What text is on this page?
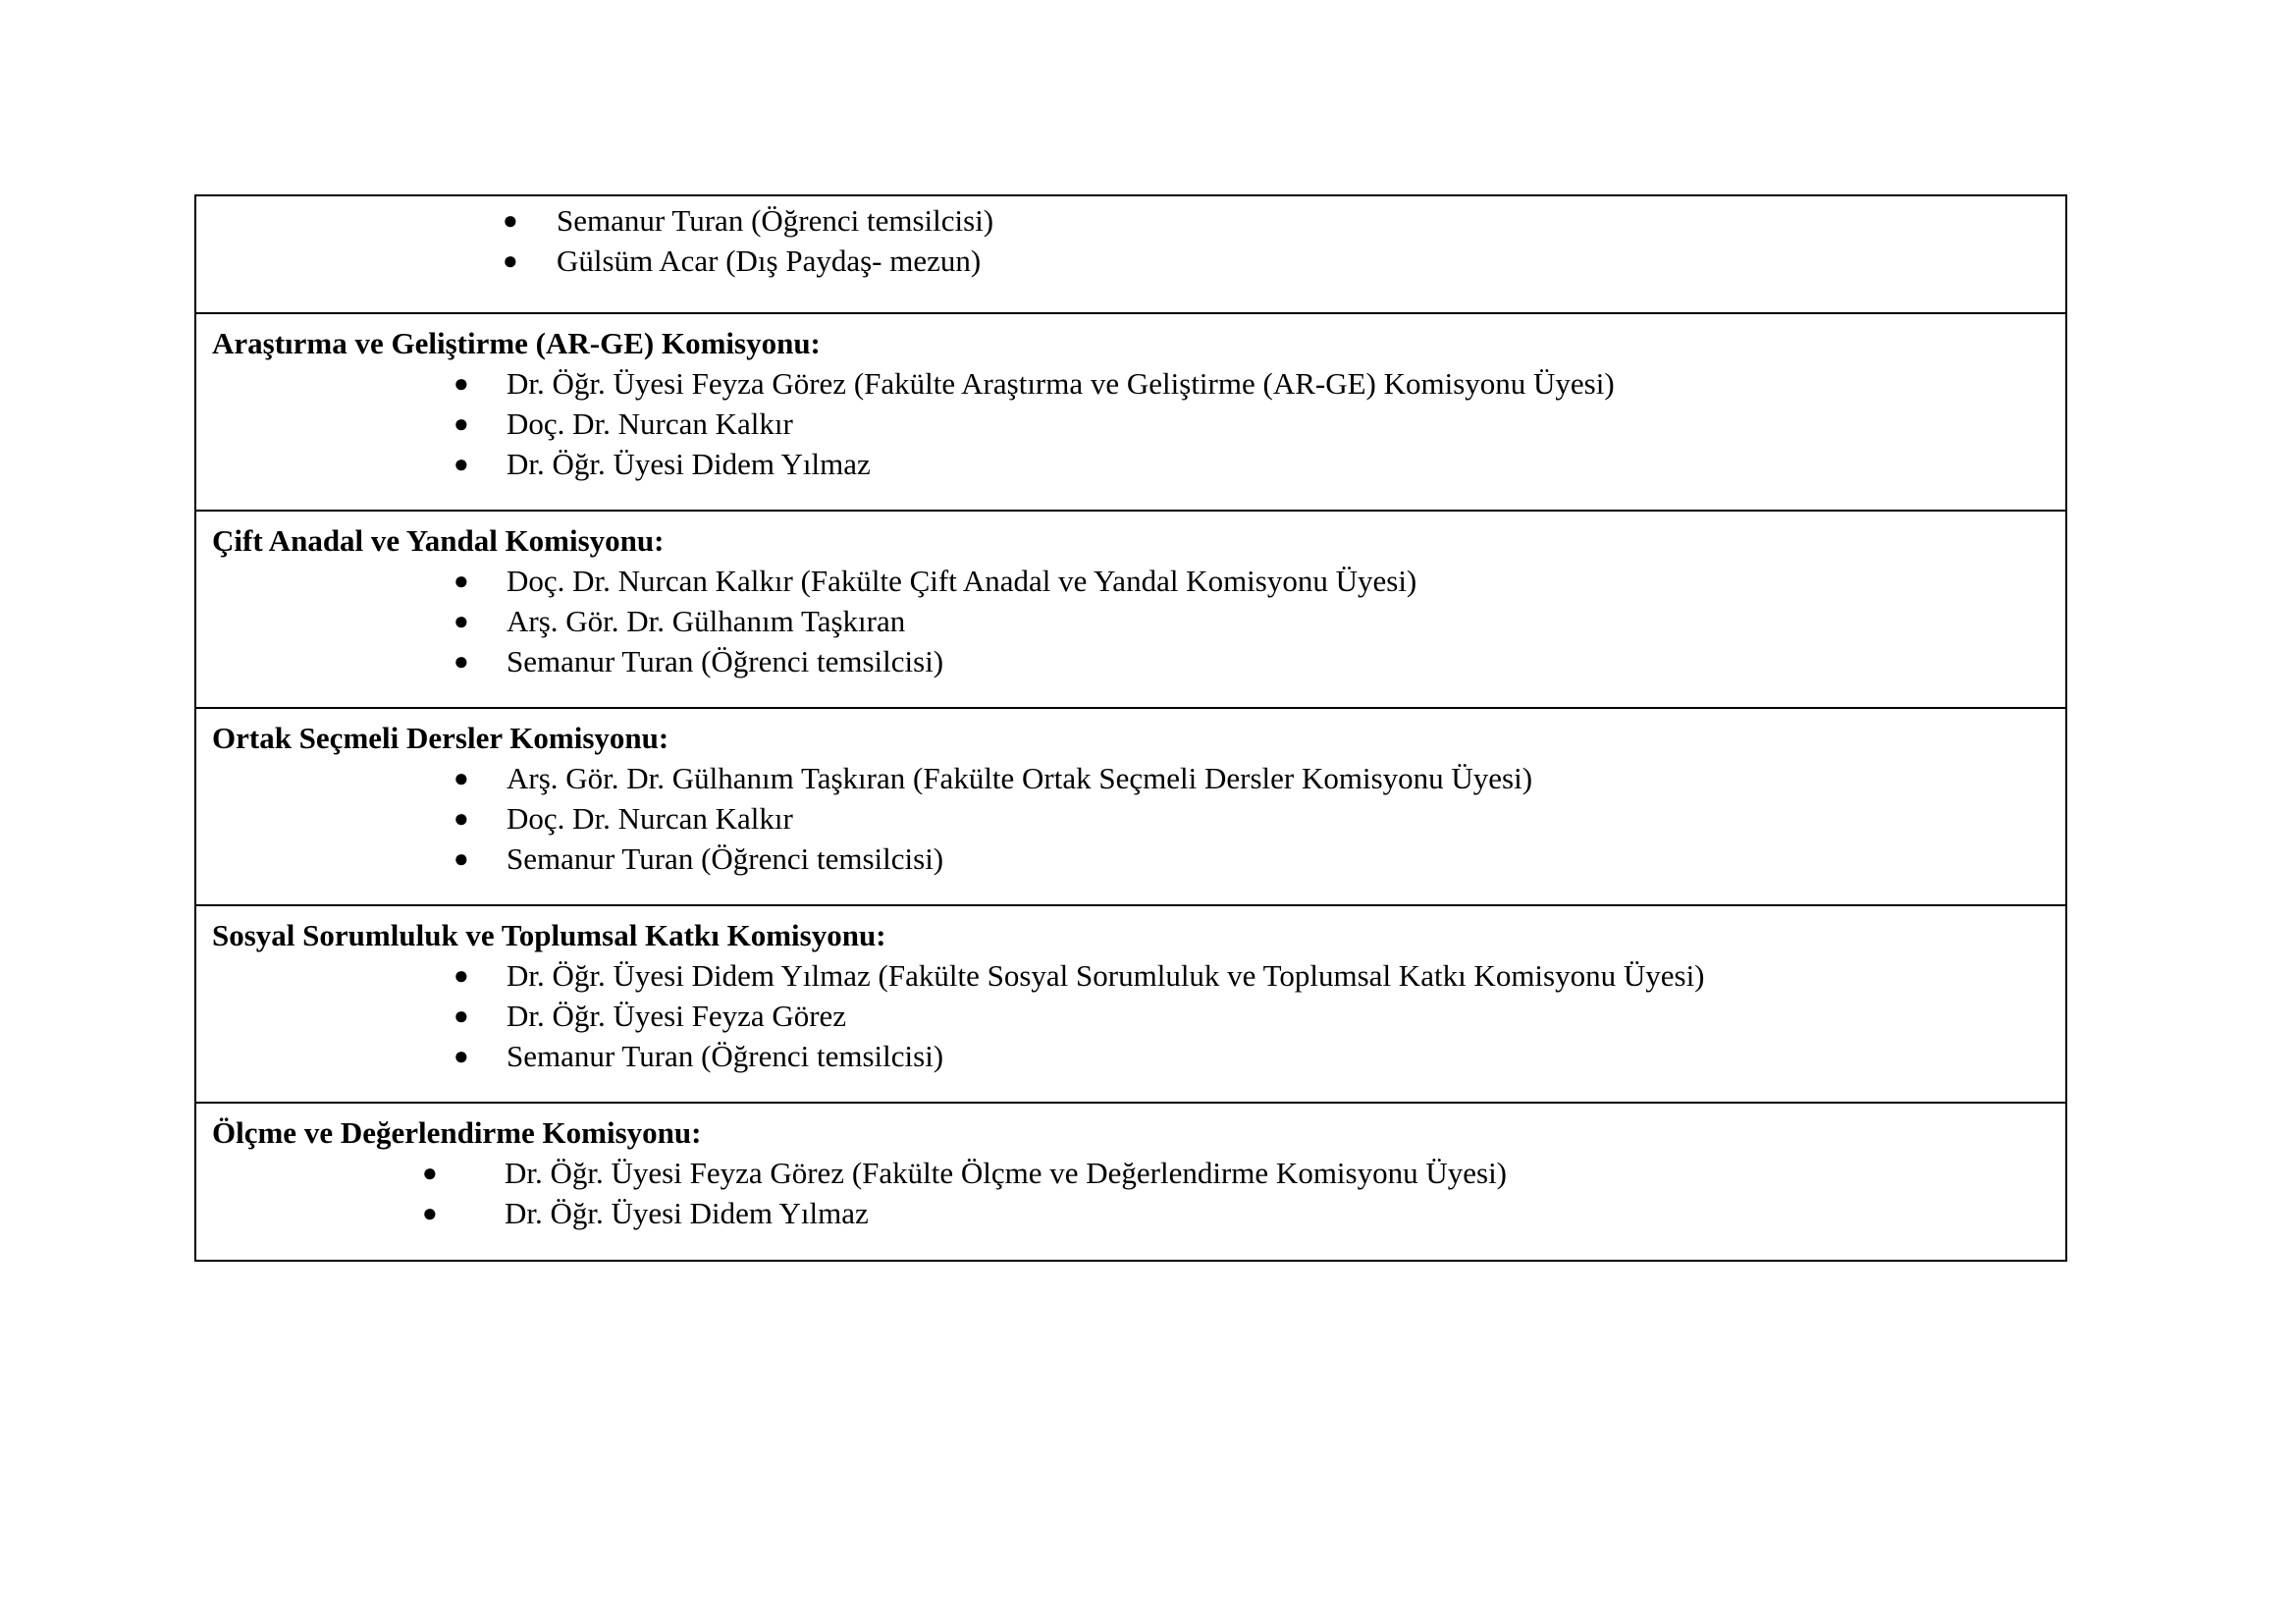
● Semanur Turan (Öğrenci temsilcisi)
● Gülsüm Acar (Dış Paydaş- mezun)

Araştırma ve Geliştirme (AR-GE) Komisyonu:

● Dr. Öğr. Üyesi Feyza Görez (Fakülte Araştırma ve Geliştirme (AR-GE) Komisyonu Üyesi)
● Doç. Dr. Nurcan Kalkır
● Dr. Öğr. Üyesi Didem Yılmaz

Çift Anadal ve Yandal Komisyonu:

● Doç. Dr. Nurcan Kalkır (Fakülte Çift Anadal ve Yandal Komisyonu Üyesi)
● Arş. Gör. Dr. Gülhanım Taşkıran
● Semanur Turan (Öğrenci temsilcisi)

Ortak Seçmeli Dersler Komisyonu:

● Arş. Gör. Dr. Gülhanım Taşkıran (Fakülte Ortak Seçmeli Dersler Komisyonu Üyesi)
● Doç. Dr. Nurcan Kalkır
● Semanur Turan (Öğrenci temsilcisi)

Sosyal Sorumluluk ve Toplumsal Katkı Komisyonu:

● Dr. Öğr. Üyesi Didem Yılmaz (Fakülte Sosyal Sorumluluk ve Toplumsal Katkı Komisyonu Üyesi)
● Dr. Öğr. Üyesi Feyza Görez
● Semanur Turan (Öğrenci temsilcisi)

Ölçme ve Değerlendirme Komisyonu:

● Dr. Öğr. Üyesi Feyza Görez (Fakülte Ölçme ve Değerlendirme Komisyonu Üyesi)
● Dr. Öğr. Üyesi Didem Yılmaz
